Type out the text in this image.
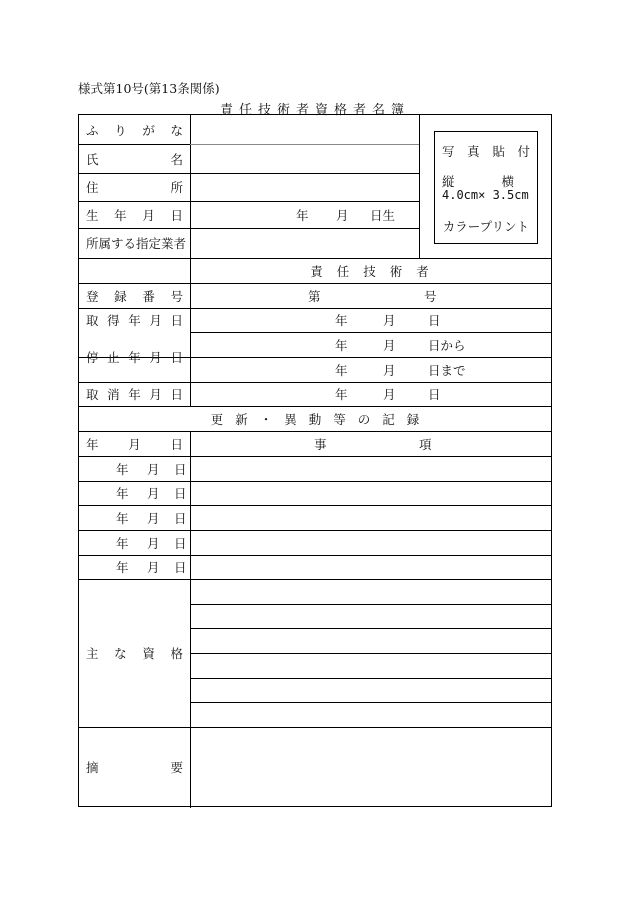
様式第10号(第13条関係)
責任技術者資格者名簿
ふ り が な
氏	名
住	所
生 年 月 日	年 月 日生
所属する指定業者
写 真 貼 付
縦	横
4.0cm× 3.5cm
カラープリント
責 任 技 術 者
登 録 番 号	第	号
取 得 年 月 日	年	月	日
停 止 年 月 日
年	月	日から
年	月	日まで
取 消 年 月 日	年	月	日
更 新 ・ 異 動 等 の 記 録
年 月 日	事	項
年 月 日
年 月 日
年 月 日
年 月 日
年 月 日
主 な 資 格
摘	要
